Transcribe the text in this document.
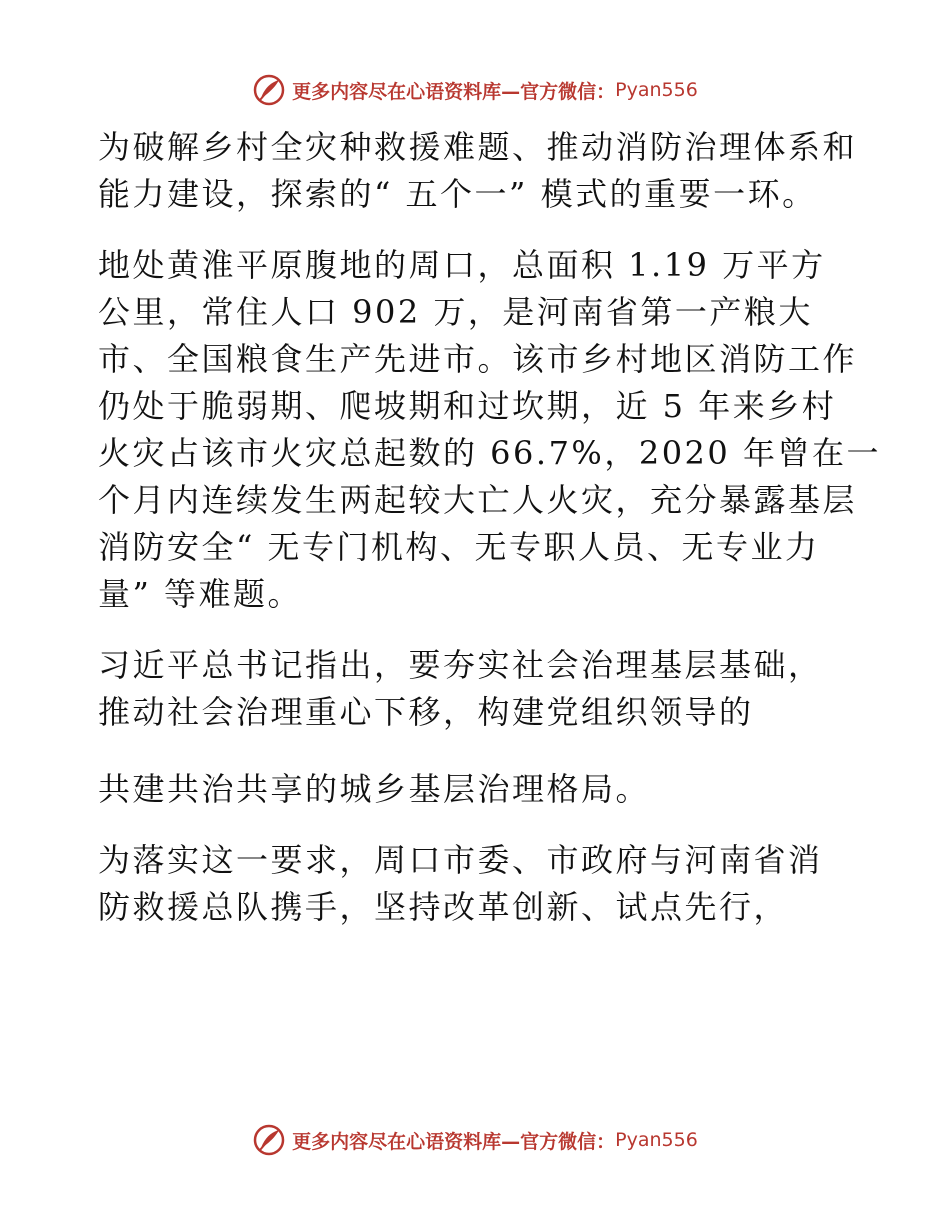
更多内容尽在心语资料库—官方微信： Pyan556

为破解乡村全灾种救援难题、推动消防治理体系和
能力建设，探索的“ 五个一” 模式的重要一环。

地处黄淮平原腹地的周口，总面积 1.19 万平方
公里，常住人口 902 万，是河南省第一产粮大
市、全国粮食生产先进市。该市乡村地区消防工作
仍处于脆弱期、爬坡期和过坎期，近 5 年来乡村
火灾占该市火灾总起数的 66.7%，2020 年曾在一
个月内连续发生两起较大亡人火灾，充分暴露基层
消防安全“ 无专门机构、无专职人员、无专业力
量” 等难题。

习近平总书记指出，要夯实社会治理基层基础，
推动社会治理重心下移，构建党组织领导的

共建共治共享的城乡基层治理格局。

为落实这一要求，周口市委、市政府与河南省消
防救援总队携手，坚持改革创新、试点先行，

更多内容尽在心语资料库—官方微信： Pyan556
